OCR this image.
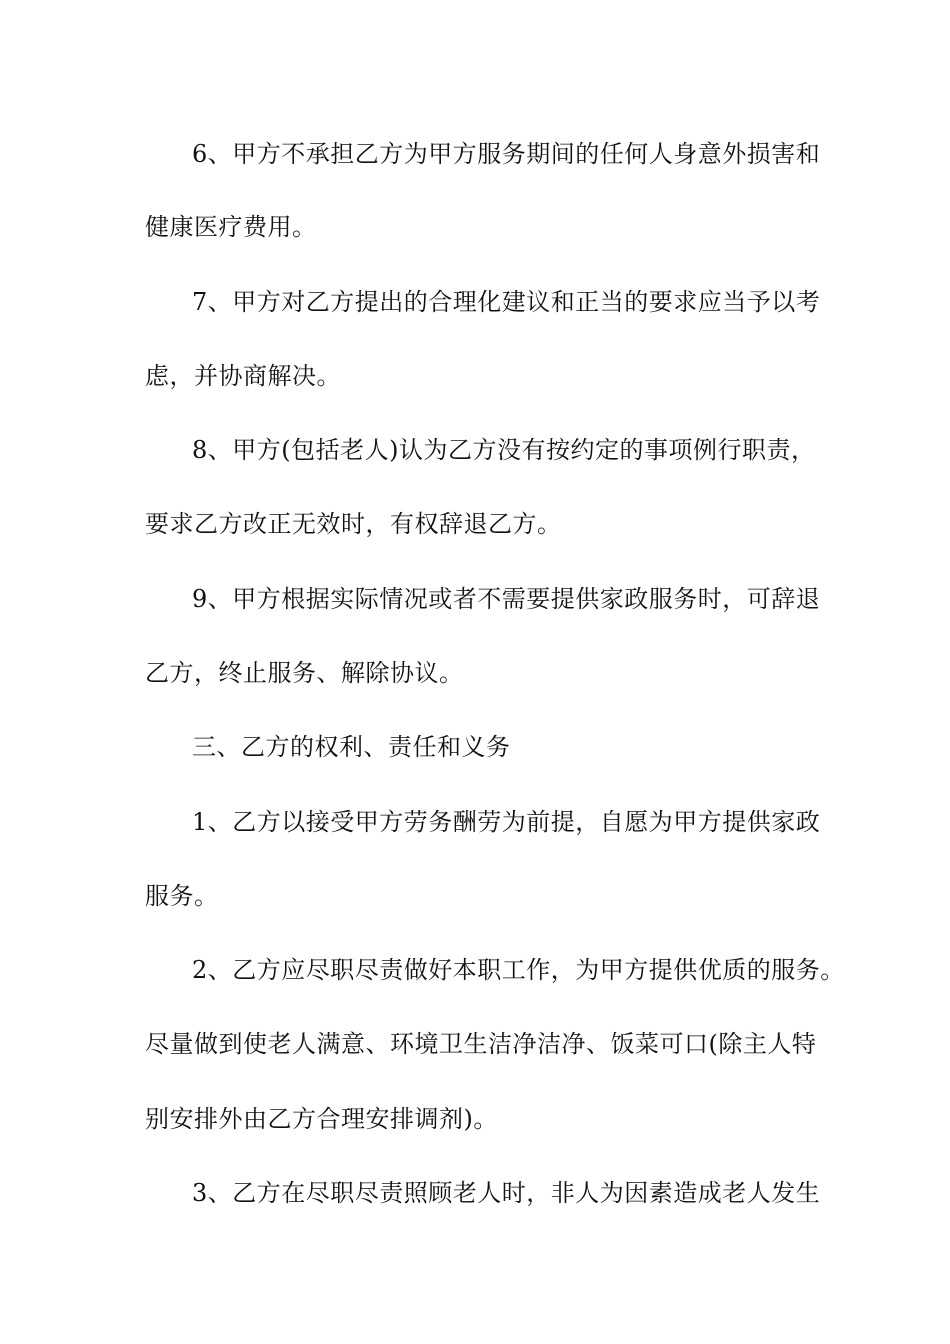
6、甲方不承担乙方为甲方服务期间的任何人身意外损害和

健康医疗费用。

7、甲方对乙方提出的合理化建议和正当的要求应当予以考

虑，并协商解决。

8、甲方(包括老人)认为乙方没有按约定的事项例行职责，

要求乙方改正无效时，有权辞退乙方。

9、甲方根据实际情况或者不需要提供家政服务时，可辞退

乙方，终止服务、解除协议。

三、乙方的权利、责任和义务

1、乙方以接受甲方劳务酬劳为前提，自愿为甲方提供家政

服务。

2、乙方应尽职尽责做好本职工作，为甲方提供优质的服务。

尽量做到使老人满意、环境卫生洁净洁净、饭菜可口(除主人特

别安排外由乙方合理安排调剂)。

3、乙方在尽职尽责照顾老人时，非人为因素造成老人发生
